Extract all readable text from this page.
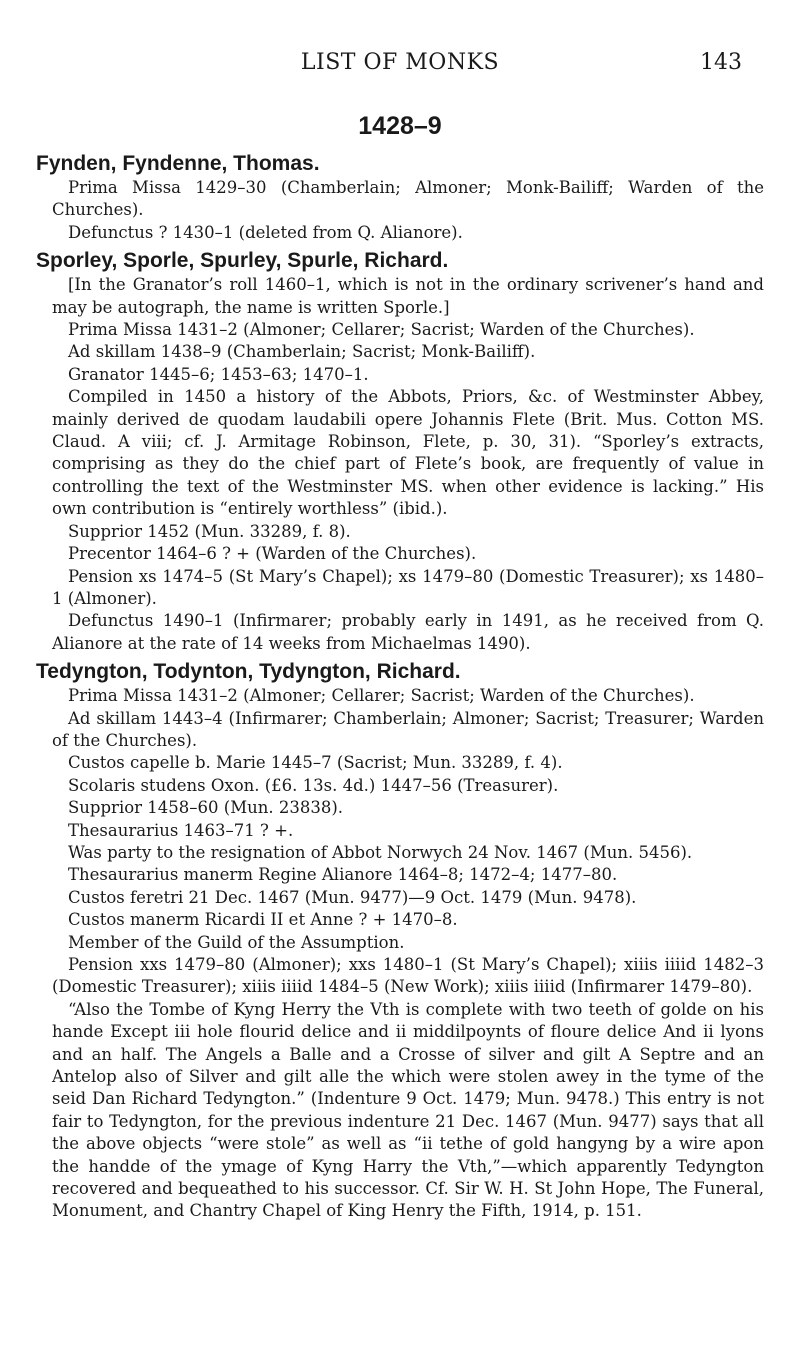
LIST OF MONKS	143
1428–9
Fynden, Fyndenne, Thomas.

Prima Missa 1429–30 (Chamberlain; Almoner; Monk-Bailiff; Warden of the Churches).

Defunctus ? 1430–1 (deleted from Q. Alianore).

Sporley, Sporle, Spurley, Spurle, Richard.

[In the Granator’s roll 1460–1, which is not in the ordinary scrivener’s hand and may be autograph, the name is written Sporle.]

Prima Missa 1431–2 (Almoner; Cellarer; Sacrist; Warden of the Churches).

Ad skillam 1438–9 (Chamberlain; Sacrist; Monk-Bailiff).

Granator 1445–6; 1453–63; 1470–1.

Compiled in 1450 a history of the Abbots, Priors, &c. of Westminster Abbey, mainly derived de quodam laudabili opere Johannis Flete (Brit. Mus. Cotton MS. Claud. A viii; cf. J. Armitage Robinson, Flete, p. 30, 31). “Sporley’s extracts, comprising as they do the chief part of Flete’s book, are frequently of value in controlling the text of the Westminster MS. when other evidence is lacking.” His own contribution is “entirely worthless” (ibid.).

Supprior 1452 (Mun. 33289, f. 8).

Precentor 1464–6 ? + (Warden of the Churches).

Pension xs 1474–5 (St Mary’s Chapel); xs 1479–80 (Domestic Treasurer); xs 1480–1 (Almoner).

Defunctus 1490–1 (Infirmarer; probably early in 1491, as he received from Q. Alianore at the rate of 14 weeks from Michaelmas 1490).

Tedyngton, Todynton, Tydyngton, Richard.

Prima Missa 1431–2 (Almoner; Cellarer; Sacrist; Warden of the Churches).

Ad skillam 1443–4 (Infirmarer; Chamberlain; Almoner; Sacrist; Treasurer; Warden of the Churches).

Custos capelle b. Marie 1445–7 (Sacrist; Mun. 33289, f. 4).

Scolaris studens Oxon. (£6. 13s. 4d.) 1447–56 (Treasurer).

Supprior 1458–60 (Mun. 23838).

Thesaurarius 1463–71 ? +.

Was party to the resignation of Abbot Norwych 24 Nov. 1467 (Mun. 5456).

Thesaurarius manerm Regine Alianore 1464–8; 1472–4; 1477–80.

Custos feretri 21 Dec. 1467 (Mun. 9477)—9 Oct. 1479 (Mun. 9478).

Custos manerm Ricardi II et Anne ? + 1470–8.

Member of the Guild of the Assumption.

Pension xxs 1479–80 (Almoner); xxs 1480–1 (St Mary’s Chapel); xiiis iiiid 1482–3 (Domestic Treasurer); xiiis iiiid 1484–5 (New Work); xiiis iiiid (Infirmarer 1479–80).

“Also the Tombe of Kyng Herry the Vth is complete with two teeth of golde on his hande Except iii hole flourid delice and ii middilpoynts of floure delice And ii lyons and an half. The Angels a Balle and a Crosse of silver and gilt A Septre and an Antelop also of Silver and gilt alle the which were stolen awey in the tyme of the seid Dan Richard Tedyngton.” (Indenture 9 Oct. 1479; Mun. 9478.) This entry is not fair to Tedyngton, for the previous indenture 21 Dec. 1467 (Mun. 9477) says that all the above objects “were stole” as well as “ii tethe of gold hangyng by a wire apon the handde of the ymage of Kyng Harry the Vth,”—which apparently Tedyngton recovered and bequeathed to his successor. Cf. Sir W. H. St John Hope, The Funeral, Monument, and Chantry Chapel of King Henry the Fifth, 1914, p. 151.
